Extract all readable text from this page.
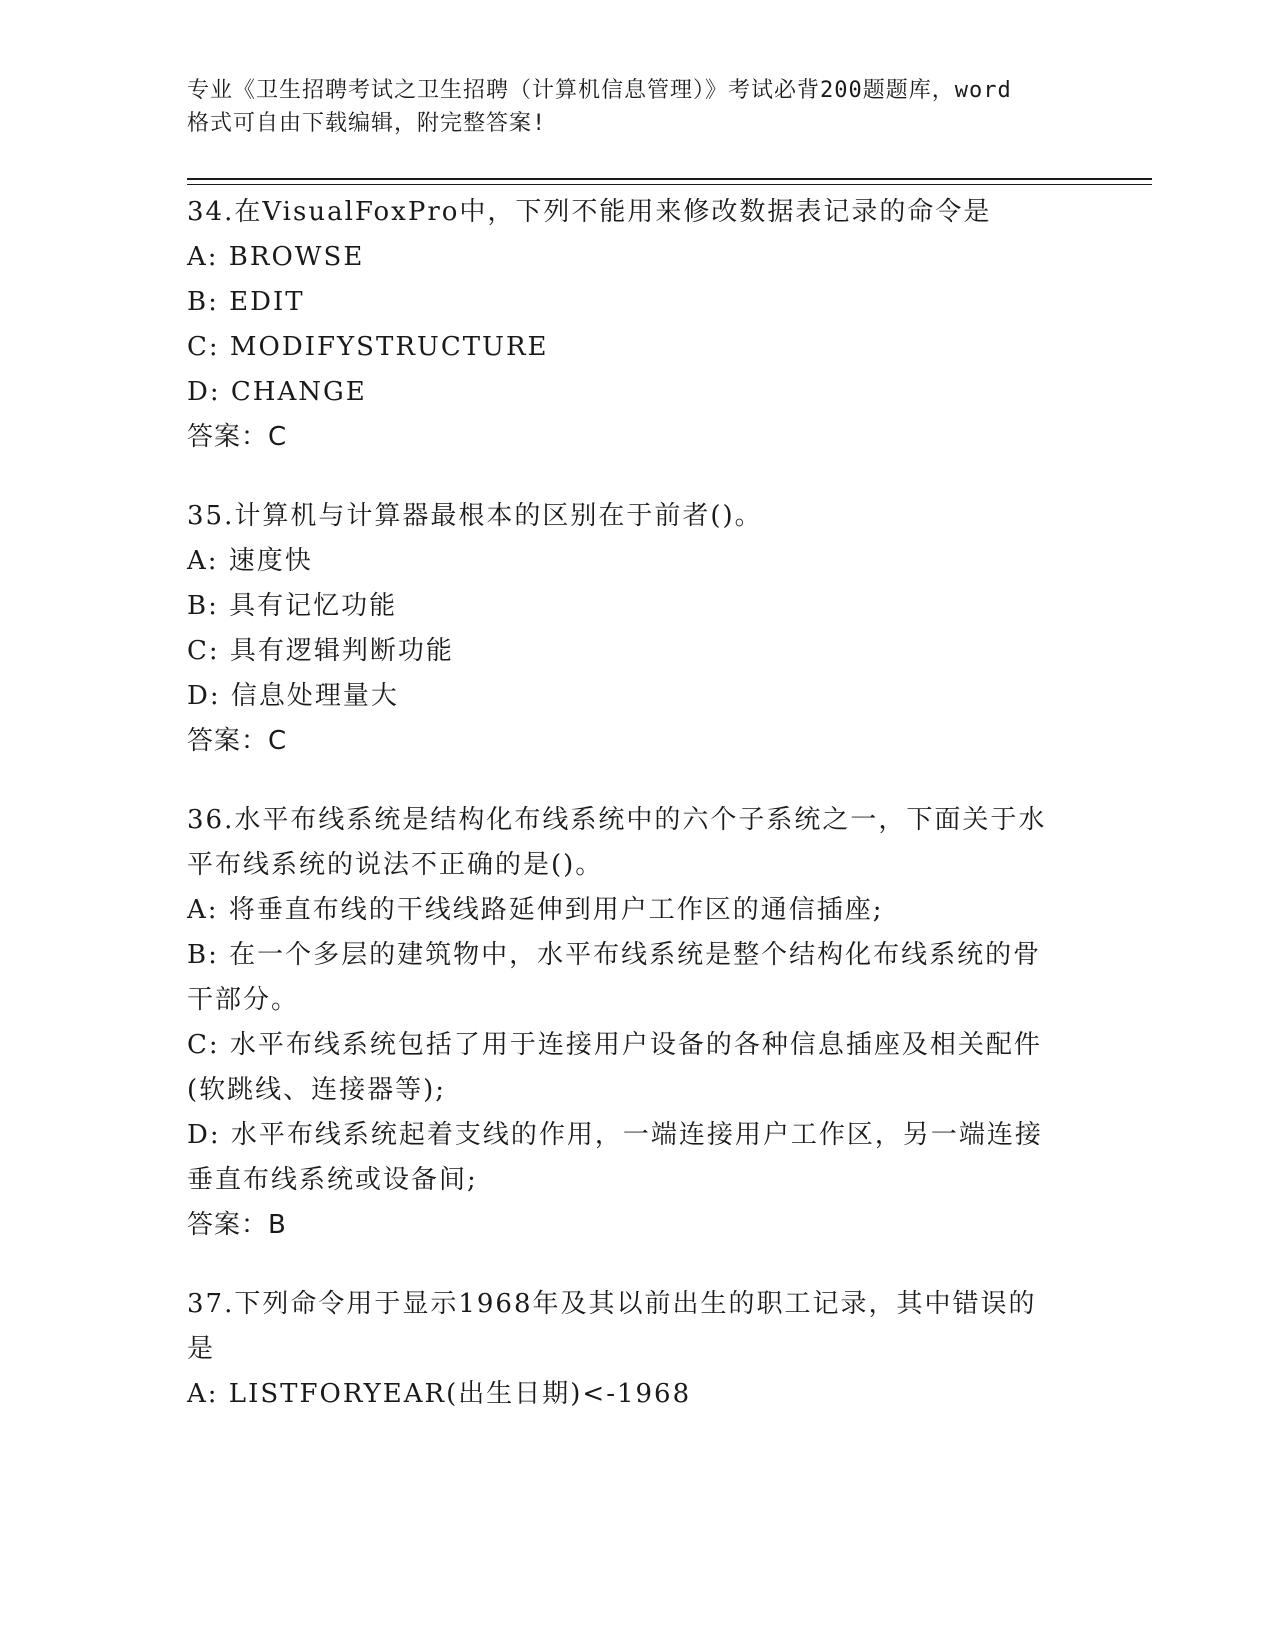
专业《卫生招聘考试之卫生招聘（计算机信息管理）》考试必背200题题库，word
格式可自由下载编辑，附完整答案!
34.在VisualFoxPro中，下列不能用来修改数据表记录的命令是
A: BROWSE
B: EDIT
C: MODIFYSTRUCTURE
D: CHANGE
答案：C
35.计算机与计算器最根本的区别在于前者()。
A: 速度快
B: 具有记忆功能
C: 具有逻辑判断功能
D: 信息处理量大
答案：C
36.水平布线系统是结构化布线系统中的六个子系统之一，下面关于水
平布线系统的说法不正确的是()。
A: 将垂直布线的干线线路延伸到用户工作区的通信插座;
B: 在一个多层的建筑物中，水平布线系统是整个结构化布线系统的骨
干部分。
C: 水平布线系统包括了用于连接用户设备的各种信息插座及相关配件
(软跳线、连接器等);
D: 水平布线系统起着支线的作用，一端连接用户工作区，另一端连接
垂直布线系统或设备间;
答案：B
37.下列命令用于显示1968年及其以前出生的职工记录，其中错误的
是
A: LISTFORYEAR(出生日期)<-1968
